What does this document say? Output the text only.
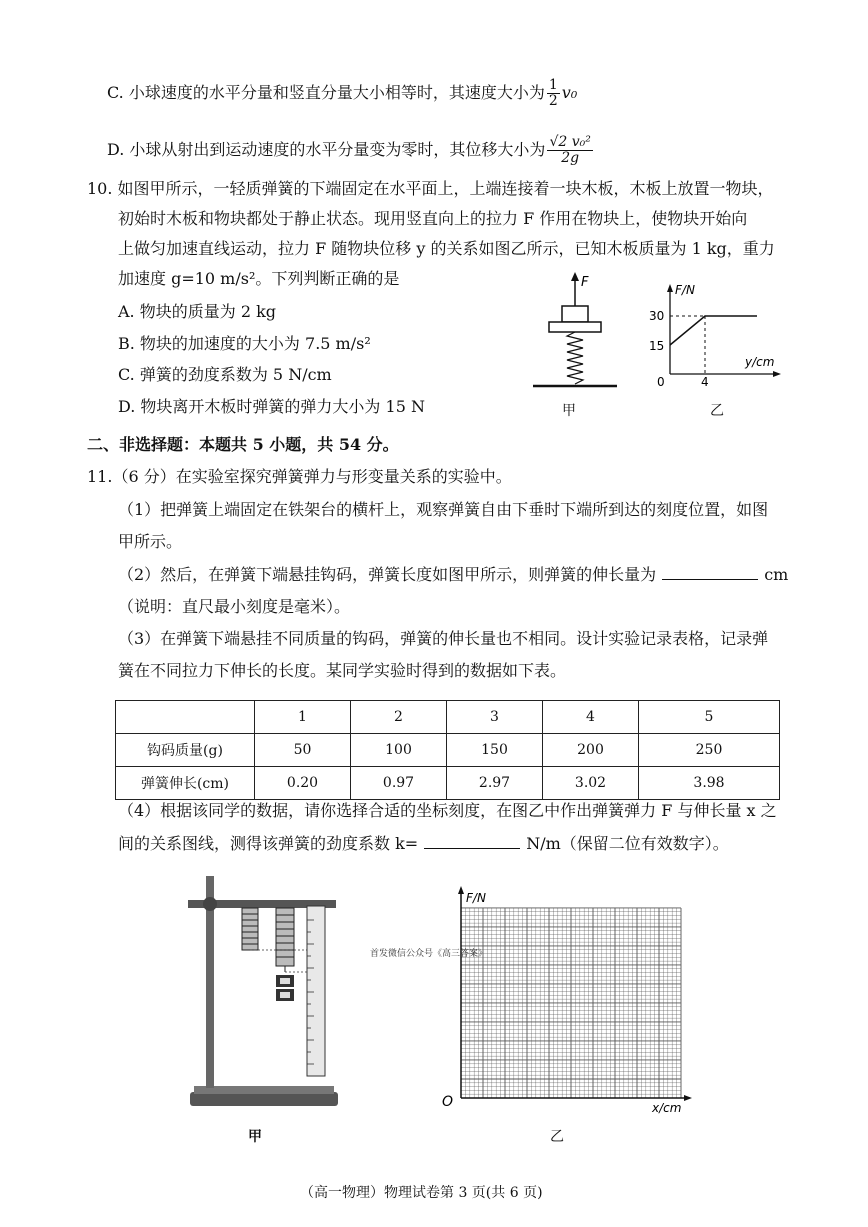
C. 小球速度的水平分量和竖直分量大小相等时，其速度大小为 $\frac{1}{2} v_0$
D. 小球从射出到运动速度的水平分量变为零时，其位移大小为 $\frac{\text{√2 v₀²}}{2g}$
10. 如图甲所示，一轻质弹簧的下端固定在水平面上，上端连接着一块木板，木板上放置一物块，
初始时木板和物块都处于静止状态。现用竖直向上的拉力 F 作用在物块上，使物块开始向
上做匀加速直线运动，拉力 F 随物块位移 y 的关系如图乙所示，已知木板质量为 1 kg，重力
加速度 g=10 m/s²。下列判断正确的是
A. 物块的质量为 2 kg
B. 物块的加速度的大小为 7.5 m/s²
C. 弹簧的劲度系数为 5 N/cm
D. 物块离开木板时弹簧的弹力大小为 15 N
F
甲
F/N
y/cm
30
15
0	4
乙
二、非选择题：本题共 5 小题，共 54 分。
11.（6 分）在实验室探究弹簧弹力与形变量关系的实验中。
（1）把弹簧上端固定在铁架台的横杆上，观察弹簧自由下垂时下端所到达的刻度位置，如图
甲所示。
（2）然后，在弹簧下端悬挂钩码，弹簧长度如图甲所示，则弹簧的伸长量为	cm
（说明：直尺最小刻度是毫米）。
（3）在弹簧下端悬挂不同质量的钩码，弹簧的伸长量也不相同。设计实验记录表格，记录弹
簧在不同拉力下伸长的长度。某同学实验时得到的数据如下表。
	1	2	3	4	5
钩码质量(g)	50	100	150	200	250
弹簧伸长(cm)	0.20	0.97	2.97	3.02	3.98
（4）根据该同学的数据，请你选择合适的坐标刻度，在图乙中作出弹簧弹力 F 与伸长量 x 之
间的关系图线，测得该弹簧的劲度系数 k=	N/m（保留二位有效数字）。
甲
F/N
x/cm
O
首发微信公众号《高三答案》
乙
（高一物理）物理试卷第 3 页(共 6 页)
